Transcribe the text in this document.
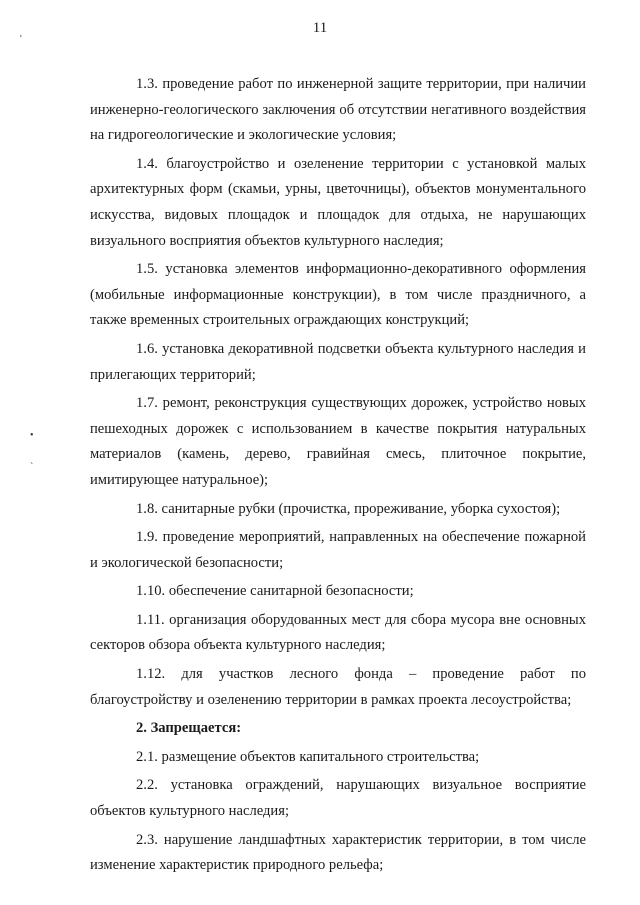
11
'
•
`

1.3. проведение работ по инженерной защите территории, при наличии инженерно-геологического заключения об отсутствии негативного воздействия на гидрогеологические и экологические условия;

1.4. благоустройство и озеленение территории с установкой малых архитектурных форм (скамьи, урны, цветочницы), объектов монументального искусства, видовых площадок и площадок для отдыха, не нарушающих визуального восприятия объектов культурного наследия;

1.5. установка элементов информационно-декоративного оформления (мобильные информационные конструкции), в том числе праздничного, а также временных строительных ограждающих конструкций;

1.6. установка декоративной подсветки объекта культурного наследия и прилегающих территорий;

1.7. ремонт, реконструкция существующих дорожек, устройство новых пешеходных дорожек с использованием в качестве покрытия натуральных материалов (камень, дерево, гравийная смесь, плиточное покрытие, имитирующее натуральное);

1.8. санитарные рубки (прочистка, прореживание, уборка сухостоя);

1.9. проведение мероприятий, направленных на обеспечение пожарной и экологической безопасности;

1.10. обеспечение санитарной безопасности;

1.11. организация оборудованных мест для сбора мусора вне основных секторов обзора объекта культурного наследия;

1.12. для участков лесного фонда – проведение работ по благоустройству и озеленению территории в рамках проекта лесоустройства;

2. Запрещается:

2.1. размещение объектов капитального строительства;

2.2. установка ограждений, нарушающих визуальное восприятие объектов культурного наследия;

2.3. нарушение ландшафтных характеристик территории, в том числе изменение характеристик природного рельефа;
